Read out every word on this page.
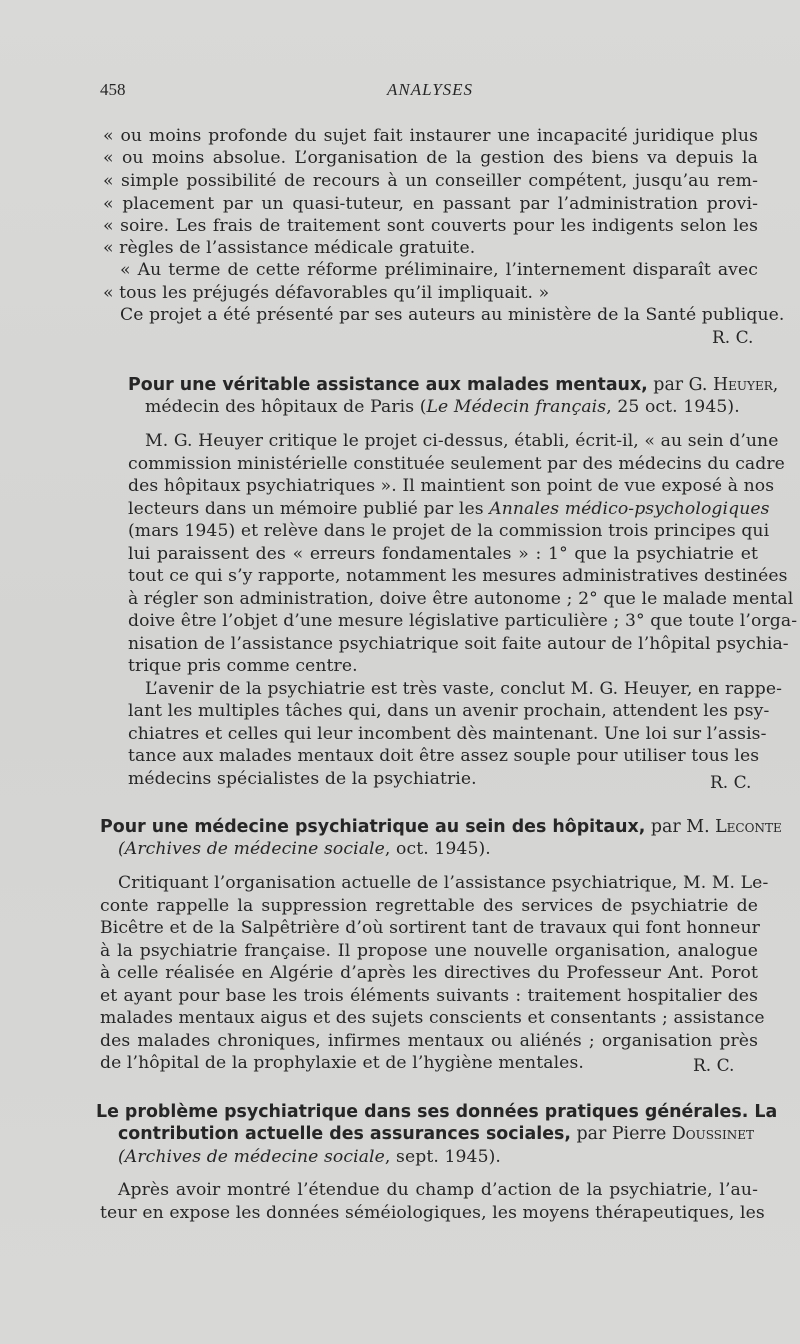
458	ANALYSES
« ou moins profonde du sujet fait instaurer une incapacité juridique plus
« ou moins absolue. L’organisation de la gestion des biens va depuis la
« simple possibilité de recours à un conseiller compétent, jusqu’au rem-
« placement par un quasi-tuteur, en passant par l’administration provi-
« soire. Les frais de traitement sont couverts pour les indigents selon les
« règles de l’assistance médicale gratuite.
« Au terme de cette réforme préliminaire, l’internement disparaît avec
« tous les préjugés défavorables qu’il impliquait. »
Ce projet a été présenté par ses auteurs au ministère de la Santé publique.
R. C.
Pour une véritable assistance aux malades mentaux, par G. Heuyer,
médecin des hôpitaux de Paris (Le Médecin français, 25 oct. 1945).
M. G. Heuyer critique le projet ci-dessus, établi, écrit-il, « au sein d’une
commission ministérielle constituée seulement par des médecins du cadre
des hôpitaux psychiatriques ». Il maintient son point de vue exposé à nos
lecteurs dans un mémoire publié par les Annales médico-psychologiques
(mars 1945) et relève dans le projet de la commission trois principes qui
lui paraissent des « erreurs fondamentales » : 1° que la psychiatrie et
tout ce qui s’y rapporte, notamment les mesures administratives destinées
à régler son administration, doive être autonome ; 2° que le malade mental
doive être l’objet d’une mesure législative particulière ; 3° que toute l’orga-
nisation de l’assistance psychiatrique soit faite autour de l’hôpital psychia-
trique pris comme centre.
L’avenir de la psychiatrie est très vaste, conclut M. G. Heuyer, en rappe-
lant les multiples tâches qui, dans un avenir prochain, attendent les psy-
chiatres et celles qui leur incombent dès maintenant. Une loi sur l’assis-
tance aux malades mentaux doit être assez souple pour utiliser tous les
médecins spécialistes de la psychiatrie.	R. C.
Pour une médecine psychiatrique au sein des hôpitaux, par M. Leconte
(Archives de médecine sociale, oct. 1945).
Critiquant l’organisation actuelle de l’assistance psychiatrique, M. M. Le-
conte rappelle la suppression regrettable des services de psychiatrie de
Bicêtre et de la Salpêtrière d’où sortirent tant de travaux qui font honneur
à la psychiatrie française. Il propose une nouvelle organisation, analogue
à celle réalisée en Algérie d’après les directives du Professeur Ant. Porot
et ayant pour base les trois éléments suivants : traitement hospitalier des
malades mentaux aigus et des sujets conscients et consentants ; assistance
des malades chroniques, infirmes mentaux ou aliénés ; organisation près
de l’hôpital de la prophylaxie et de l’hygiène mentales.	R. C.
Le problème psychiatrique dans ses données pratiques générales. La
contribution actuelle des assurances sociales, par Pierre Doussinet
(Archives de médecine sociale, sept. 1945).
Après avoir montré l’étendue du champ d’action de la psychiatrie, l’au-
teur en expose les données séméiologiques, les moyens thérapeutiques, les
